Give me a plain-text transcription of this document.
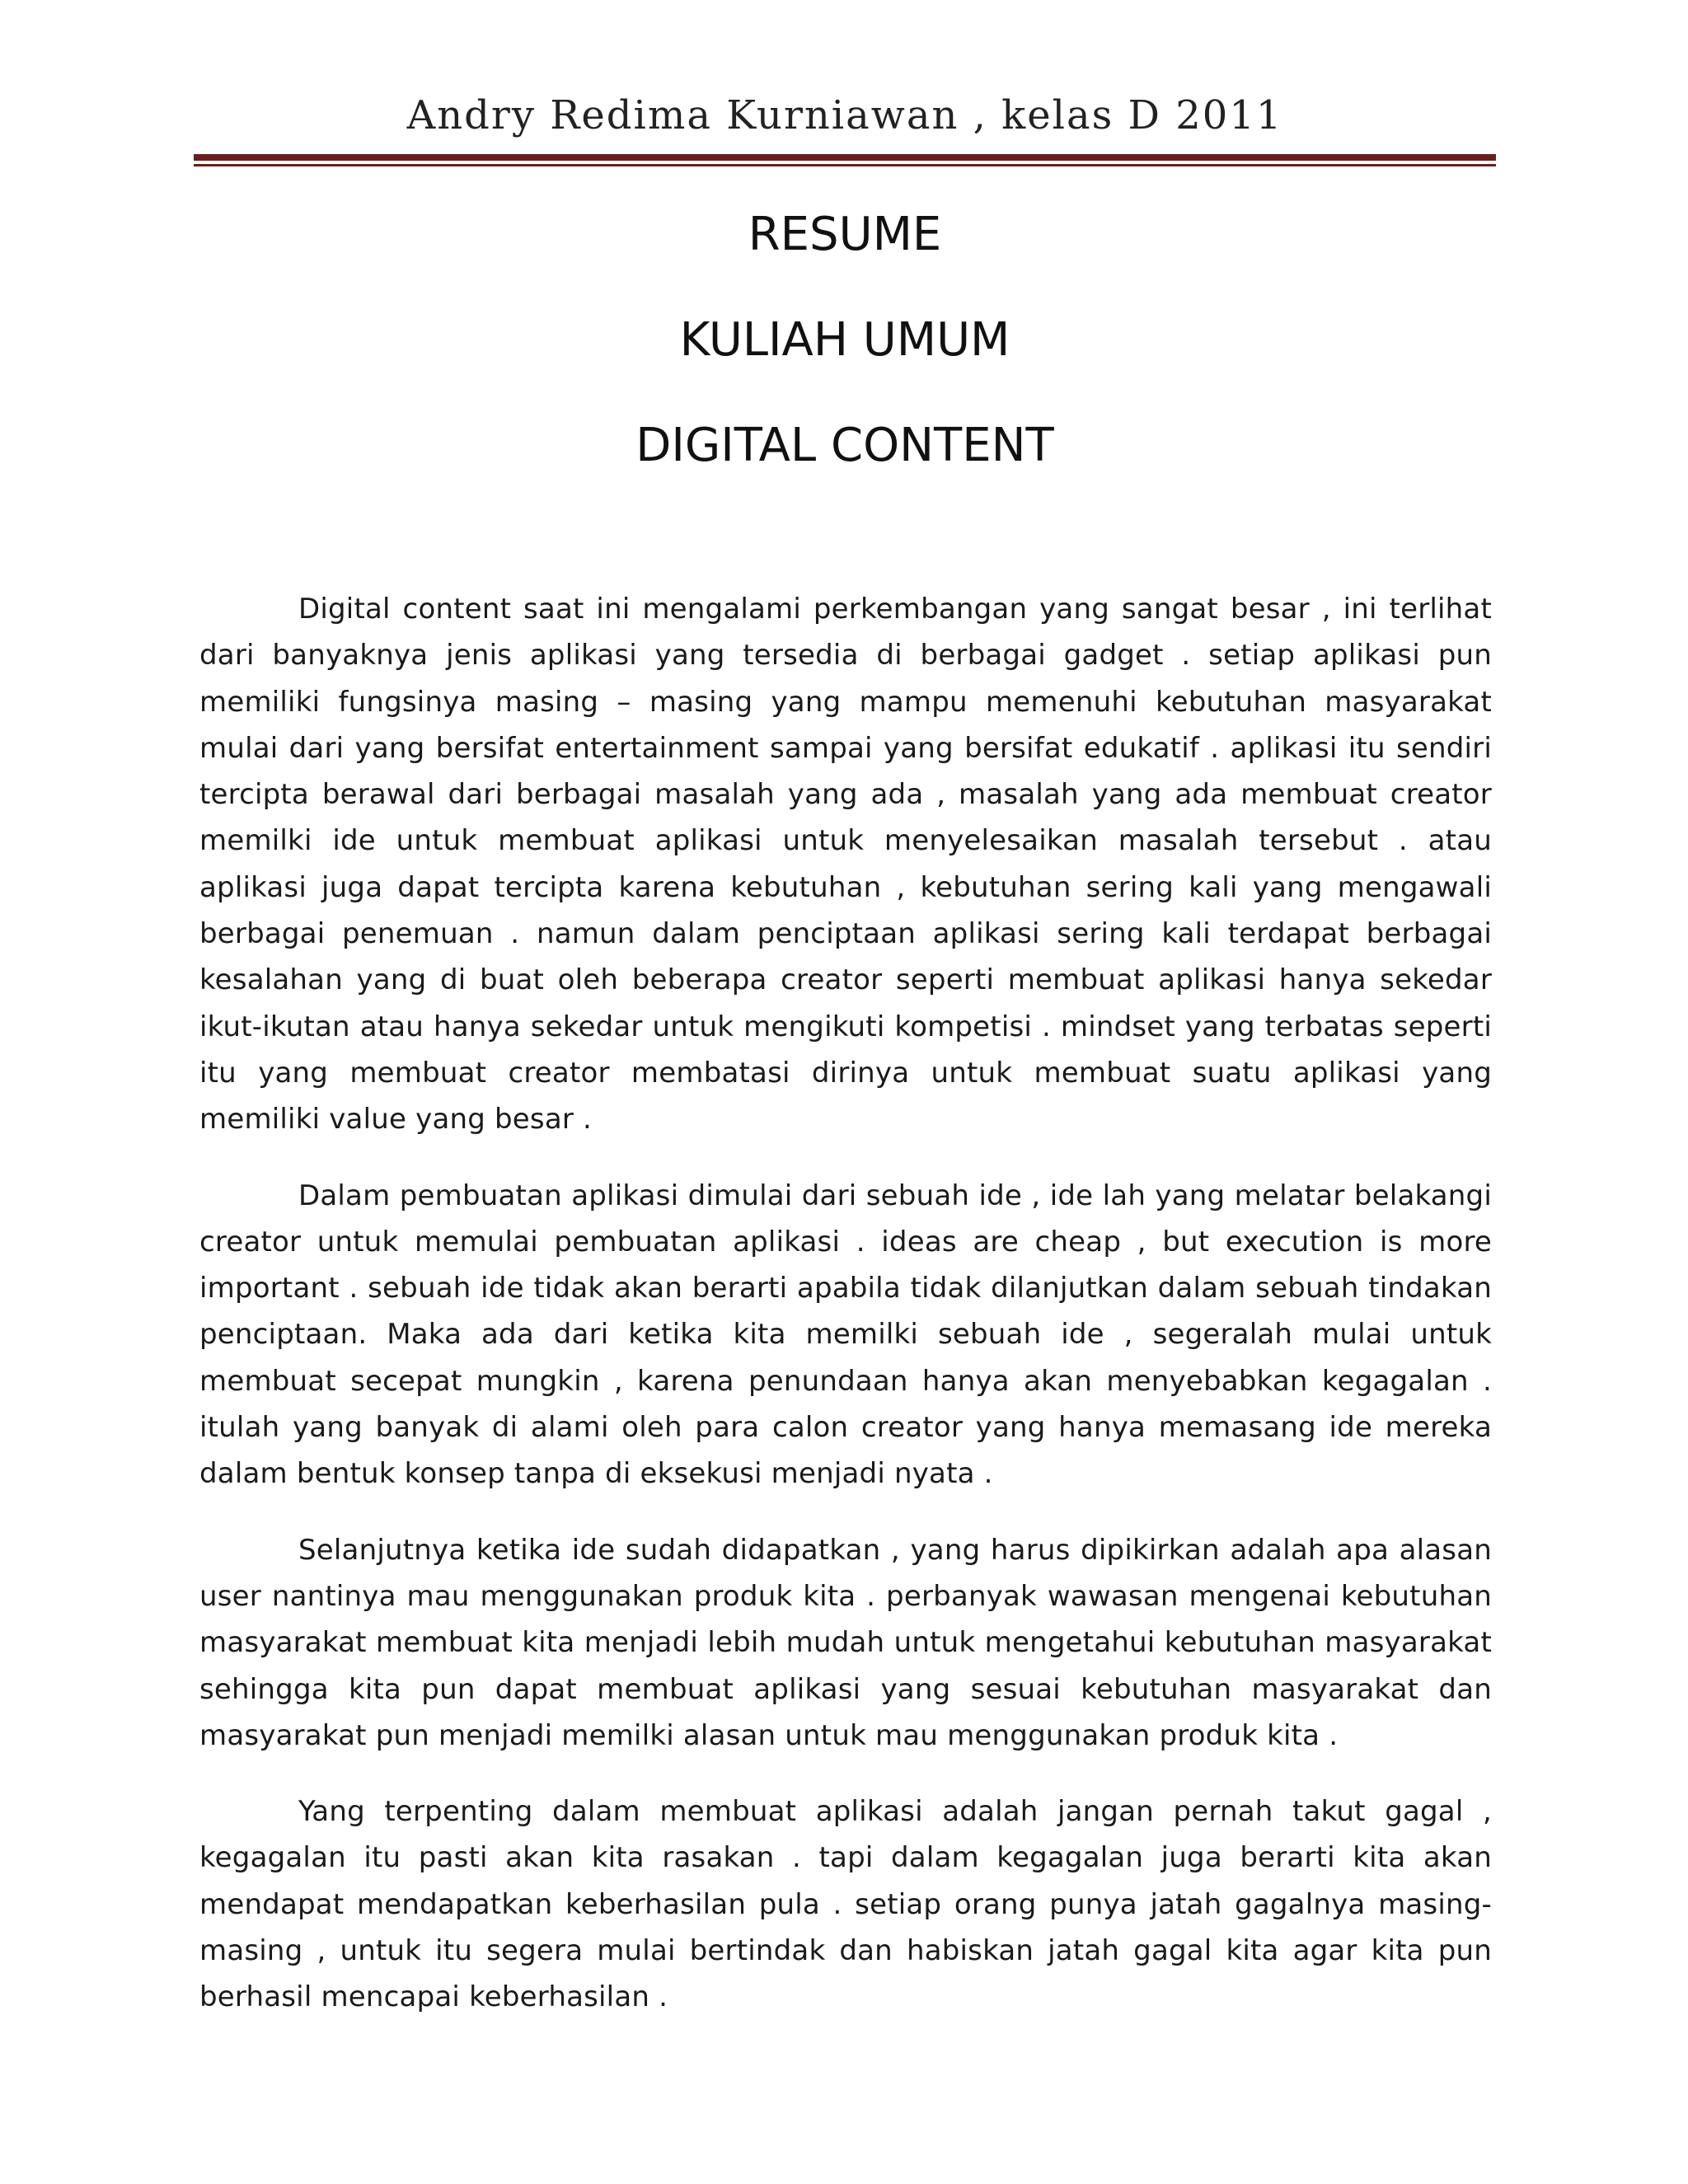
Andry Redima Kurniawan , kelas D 2011
RESUME
KULIAH UMUM
DIGITAL CONTENT

Digital content saat ini mengalami perkembangan yang sangat besar , ini terlihat dari banyaknya jenis aplikasi yang tersedia di berbagai gadget . setiap aplikasi pun memiliki fungsinya masing – masing yang mampu memenuhi kebutuhan masyarakat mulai dari yang bersifat entertainment sampai yang bersifat edukatif . aplikasi itu sendiri tercipta berawal dari berbagai masalah yang ada , masalah yang ada membuat creator memilki ide untuk membuat aplikasi untuk menyelesaikan masalah tersebut . atau aplikasi juga dapat tercipta karena kebutuhan , kebutuhan sering kali yang mengawali berbagai penemuan . namun dalam penciptaan aplikasi sering kali terdapat berbagai kesalahan yang di buat oleh beberapa creator seperti membuat aplikasi hanya sekedar ikut-ikutan atau hanya sekedar untuk mengikuti kompetisi . mindset yang terbatas seperti itu yang membuat creator membatasi dirinya untuk membuat suatu aplikasi yang memiliki value yang besar .

Dalam pembuatan aplikasi dimulai dari sebuah ide , ide lah yang melatar belakangi creator untuk memulai pembuatan aplikasi . ideas are cheap , but execution is more important . sebuah ide tidak akan berarti apabila tidak dilanjutkan dalam sebuah tindakan penciptaan. Maka ada dari ketika kita memilki sebuah ide , segeralah mulai untuk membuat secepat mungkin , karena penundaan hanya akan menyebabkan kegagalan . itulah yang banyak di alami oleh para calon creator yang hanya memasang ide mereka dalam bentuk konsep tanpa di eksekusi menjadi nyata .

Selanjutnya ketika ide sudah didapatkan , yang harus dipikirkan adalah apa alasan user nantinya mau menggunakan produk kita . perbanyak wawasan mengenai kebutuhan masyarakat membuat kita menjadi lebih mudah untuk mengetahui kebutuhan masyarakat sehingga kita pun dapat membuat aplikasi yang sesuai kebutuhan masyarakat dan masyarakat pun menjadi memilki alasan untuk mau menggunakan produk kita .

Yang terpenting dalam membuat aplikasi adalah jangan pernah takut gagal , kegagalan itu pasti akan kita rasakan . tapi dalam kegagalan juga berarti kita akan mendapat mendapatkan keberhasilan pula . setiap orang punya jatah gagalnya masing-masing , untuk itu segera mulai bertindak dan habiskan jatah gagal kita agar kita pun berhasil mencapai keberhasilan .
